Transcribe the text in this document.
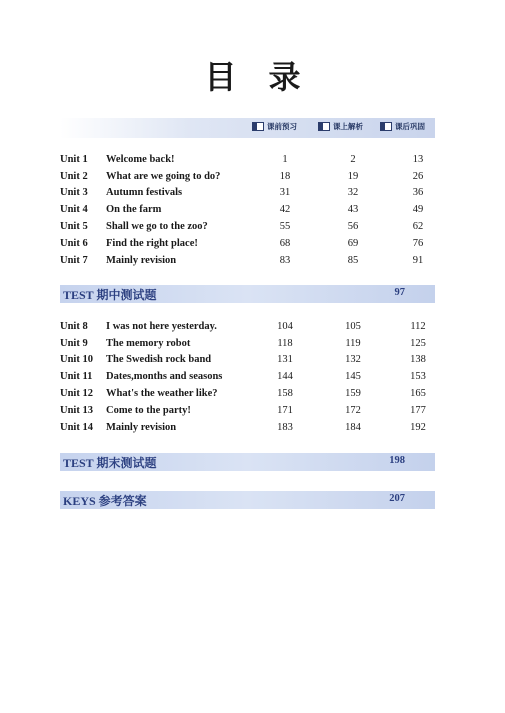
目 录
课前预习	课上解析	课后巩固
Unit 1	Welcome back!	1	2	13
Unit 2	What are we going to do?	18	19	26
Unit 3	Autumn festivals	31	32	36
Unit 4	On the farm	42	43	49
Unit 5	Shall we go to the zoo?	55	56	62
Unit 6	Find the right place!	68	69	76
Unit 7	Mainly revision	83	85	91
TEST 期中测试题	97
Unit 8	I was not here yesterday.	104	105	112
Unit 9	The memory robot	118	119	125
Unit 10	The Swedish rock band	131	132	138
Unit 11	Dates,months and seasons	144	145	153
Unit 12	What's the weather like?	158	159	165
Unit 13	Come to the party!	171	172	177
Unit 14	Mainly revision	183	184	192
TEST 期末测试题	198
KEYS 参考答案	207
